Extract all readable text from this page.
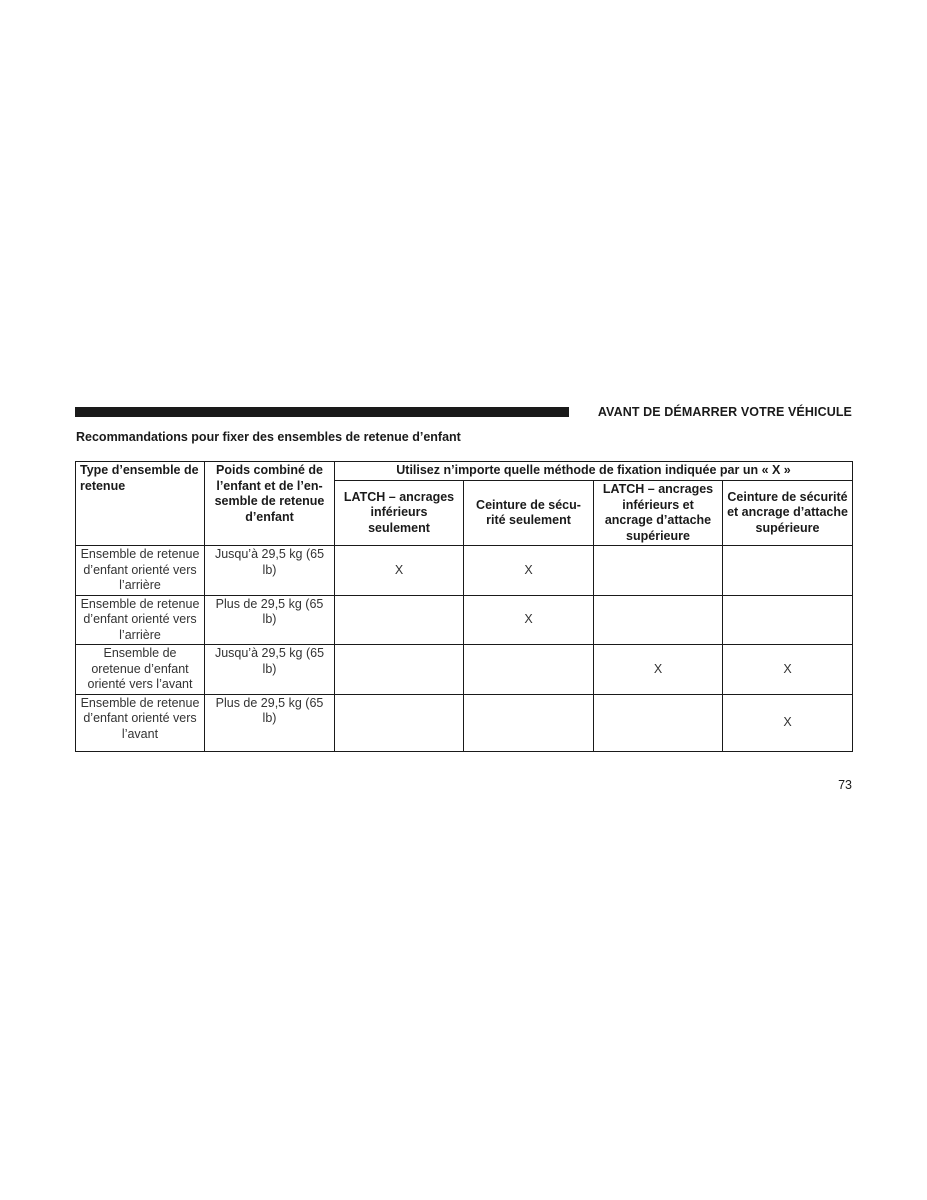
AVANT DE DÉMARRER VOTRE VÉHICULE
Recommandations pour fixer des ensembles de retenue d’enfant
Type d’ensemble de retenue	Poids combiné de l’enfant et de l’en- semble de retenue d’enfant	Utilisez n’importe quelle méthode de fixation indiquée par un « X »			
		LATCH – ancrages inférieurs seulement	Ceinture de sécu- rité seulement	LATCH – ancrages inférieurs et ancrage d’attache supérieure	Ceinture de sécurité et ancrage d’attache supérieure
Ensemble de retenue d’enfant orienté vers l’arrière	Jusqu’à 29,5 kg (65 lb)	X	X		
Ensemble de retenue d’enfant orienté vers l’arrière	Plus de 29,5 kg (65 lb)		X		
Ensemble de oretenue d’enfant orienté vers l’avant	Jusqu’à 29,5 kg (65 lb)			X	X
Ensemble de retenue d’enfant orienté vers l’avant	Plus de 29,5 kg (65 lb)				X
73
